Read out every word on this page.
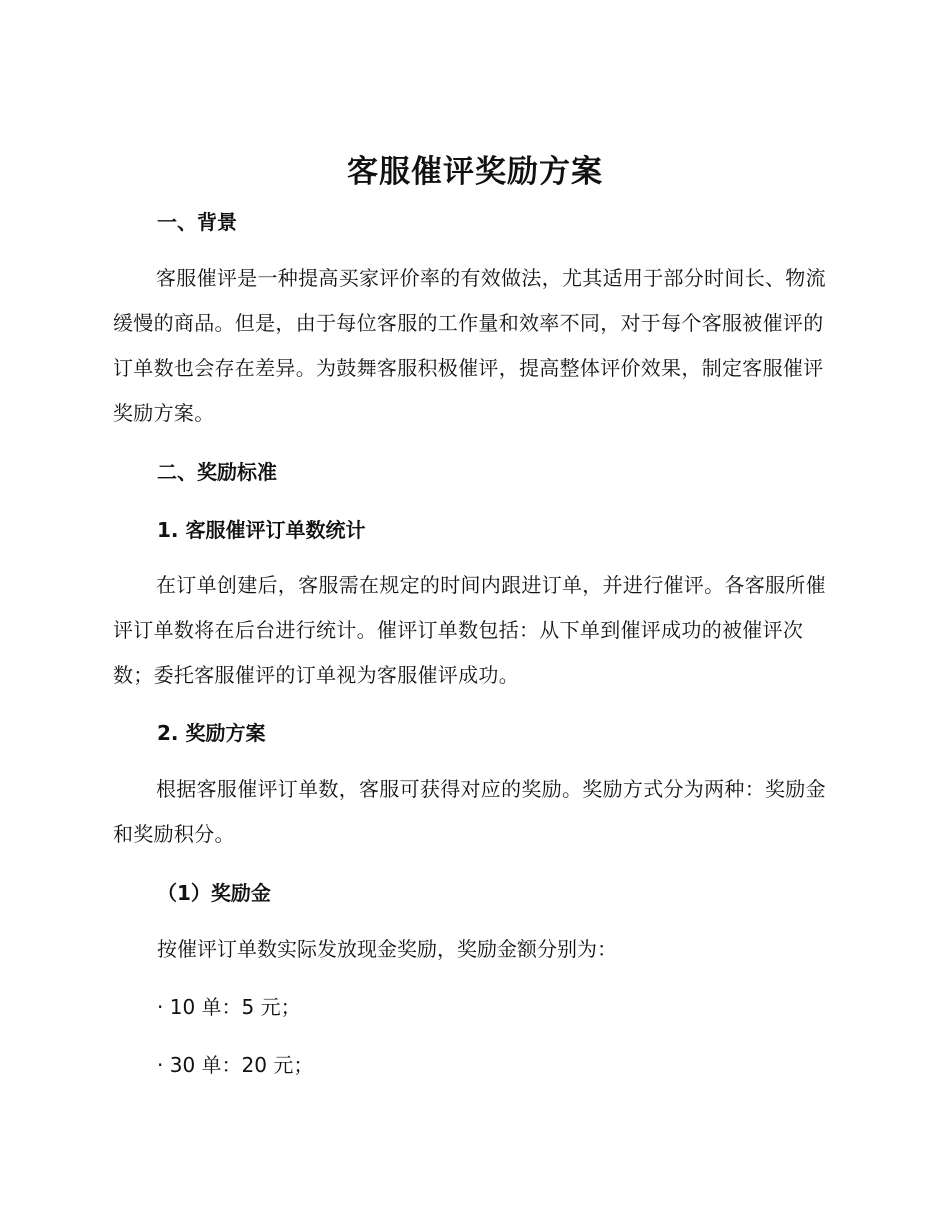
客服催评奖励方案
一、背景
客服催评是一种提高买家评价率的有效做法，尤其适用于部分时间长、物流缓慢的商品。但是，由于每位客服的工作量和效率不同，对于每个客服被催评的订单数也会存在差异。为鼓舞客服积极催评，提高整体评价效果，制定客服催评奖励方案。
二、奖励标准
1. 客服催评订单数统计
在订单创建后，客服需在规定的时间内跟进订单，并进行催评。各客服所催评订单数将在后台进行统计。催评订单数包括：从下单到催评成功的被催评次数；委托客服催评的订单视为客服催评成功。
2. 奖励方案
根据客服催评订单数，客服可获得对应的奖励。奖励方式分为两种：奖励金和奖励积分。
（1）奖励金
按催评订单数实际发放现金奖励，奖励金额分别为：
· 10 单：5 元；
· 30 单：20 元；
